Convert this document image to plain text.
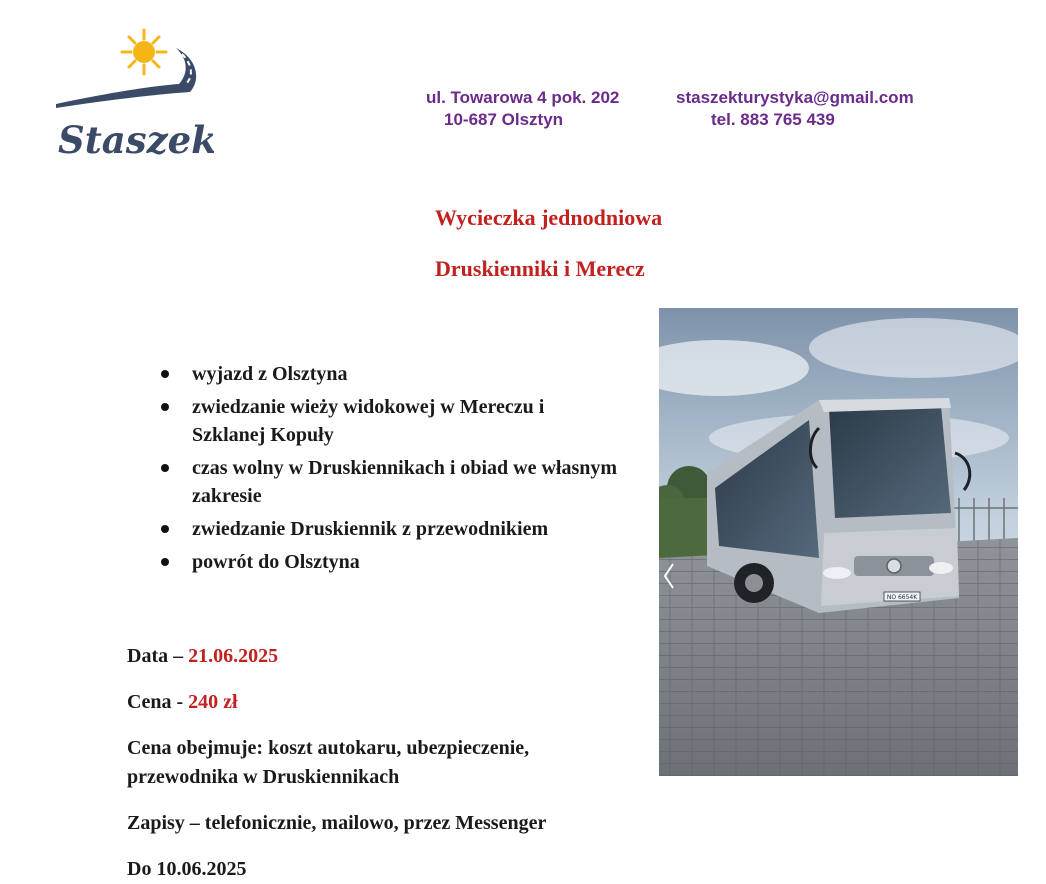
Staszek
ul. Towarowa 4 pok. 202
10-687 Olsztyn
staszekturystyka@gmail.com
tel. 883 765 439
Wycieczka jednodniowa
Druskienniki i Merecz
wyjazd z Olsztyna
zwiedzanie wieży widokowej w Mereczu i Szklanej Kopuły
czas wolny w Druskiennikach i obiad we własnym zakresie
zwiedzanie Druskiennik z przewodnikiem
powrót do Olsztyna
Data – 21.06.2025
Cena - 240 zł
Cena obejmuje: koszt autokaru, ubezpieczenie,
przewodnika w Druskiennikach
Zapisy – telefonicznie, mailowo, przez Messenger
Do 10.06.2025
NO 6654K
